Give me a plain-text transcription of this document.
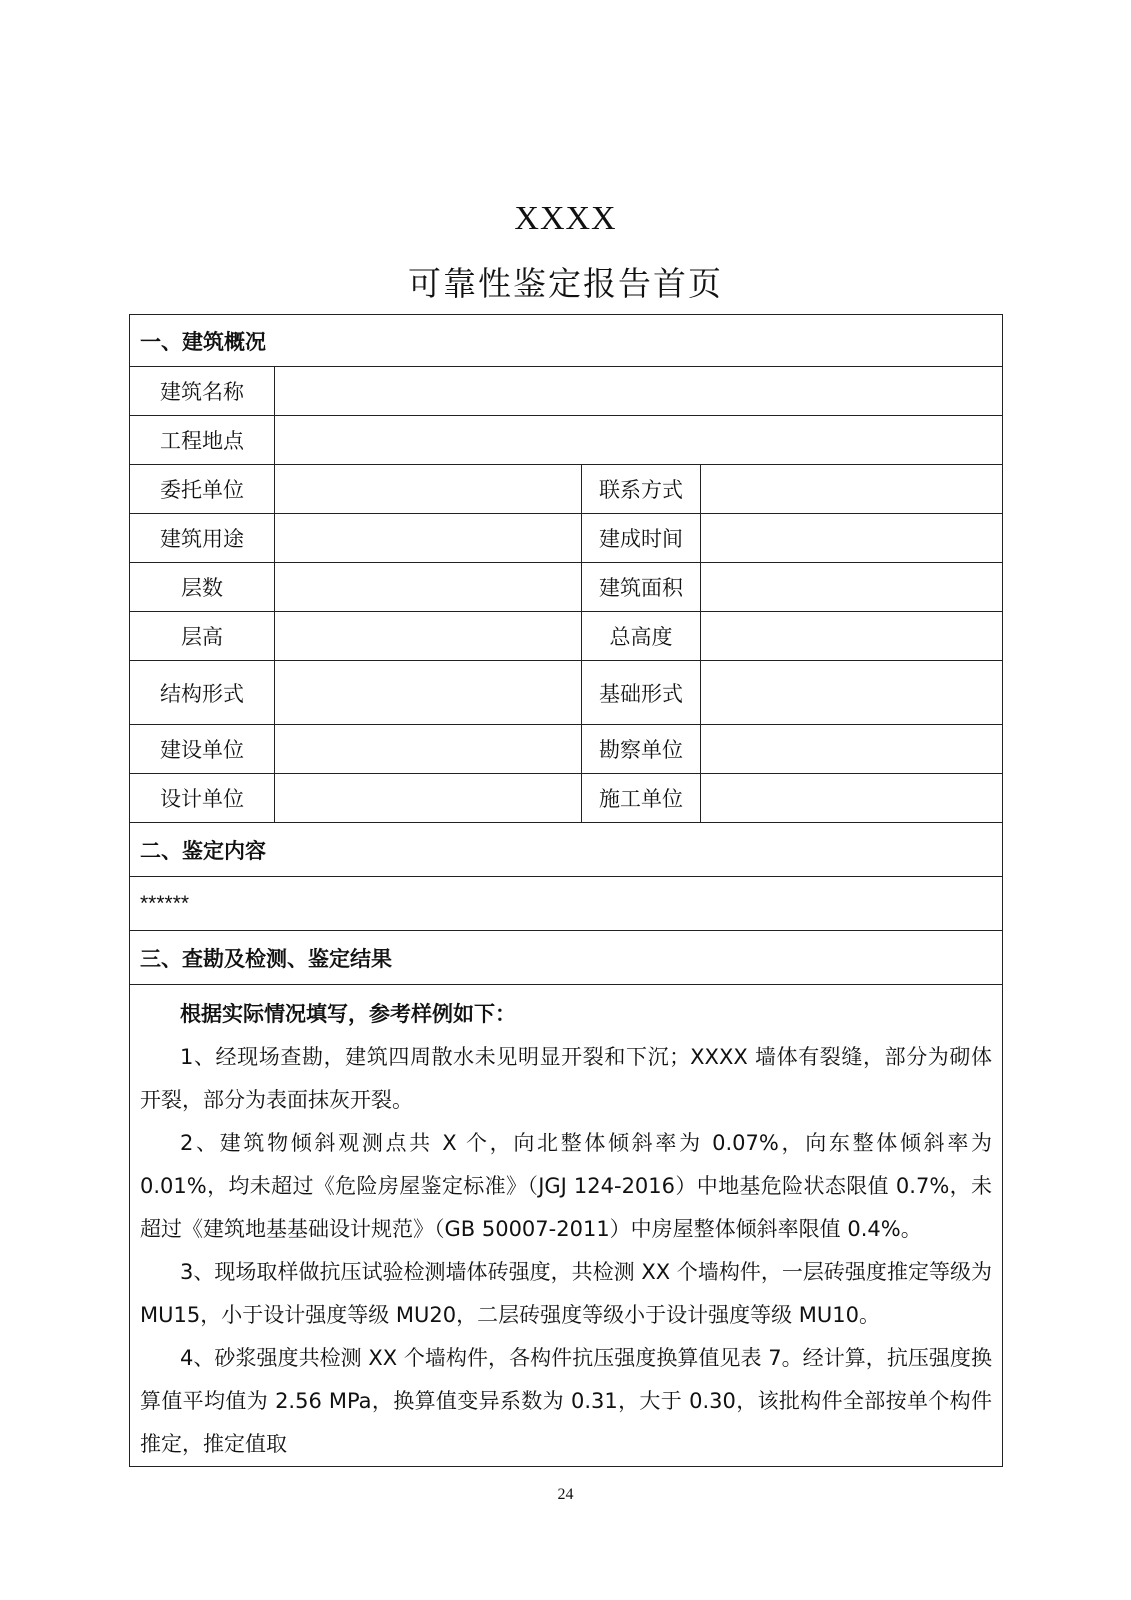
XXXX
可靠性鉴定报告首页
一、建筑概况			
建筑名称			
工程地点			
委托单位		联系方式	
建筑用途		建成时间	
层数		建筑面积	
层高		总高度	
结构形式		基础形式	
建设单位		勘察单位	
设计单位		施工单位	
二、鉴定内容			
******			
三、查勘及检测、鉴定结果			

根据实际情况填写，参考样例如下：

1、经现场查勘，建筑四周散水未见明显开裂和下沉；XXXX 墙体有裂缝，部分为砌体开裂，部分为表面抹灰开裂。

2、建筑物倾斜观测点共 X 个，向北整体倾斜率为 0.07%，向东整体倾斜率为 0.01%，均未超过《危险房屋鉴定标准》（JGJ 124-2016）中地基危险状态限值 0.7%，未超过《建筑地基基础设计规范》（GB 50007-2011）中房屋整体倾斜率限值 0.4%。

3、现场取样做抗压试验检测墙体砖强度，共检测 XX 个墙构件，一层砖强度推定等级为 MU15，小于设计强度等级 MU20，二层砖强度等级小于设计强度等级 MU10。

4、砂浆强度共检测 XX 个墙构件，各构件抗压强度换算值见表 7。经计算，抗压强度换算值平均值为 2.56 MPa，换算值变异系数为 0.31，大于 0.30，该批构件全部按单个构件推定，推定值取			

24
